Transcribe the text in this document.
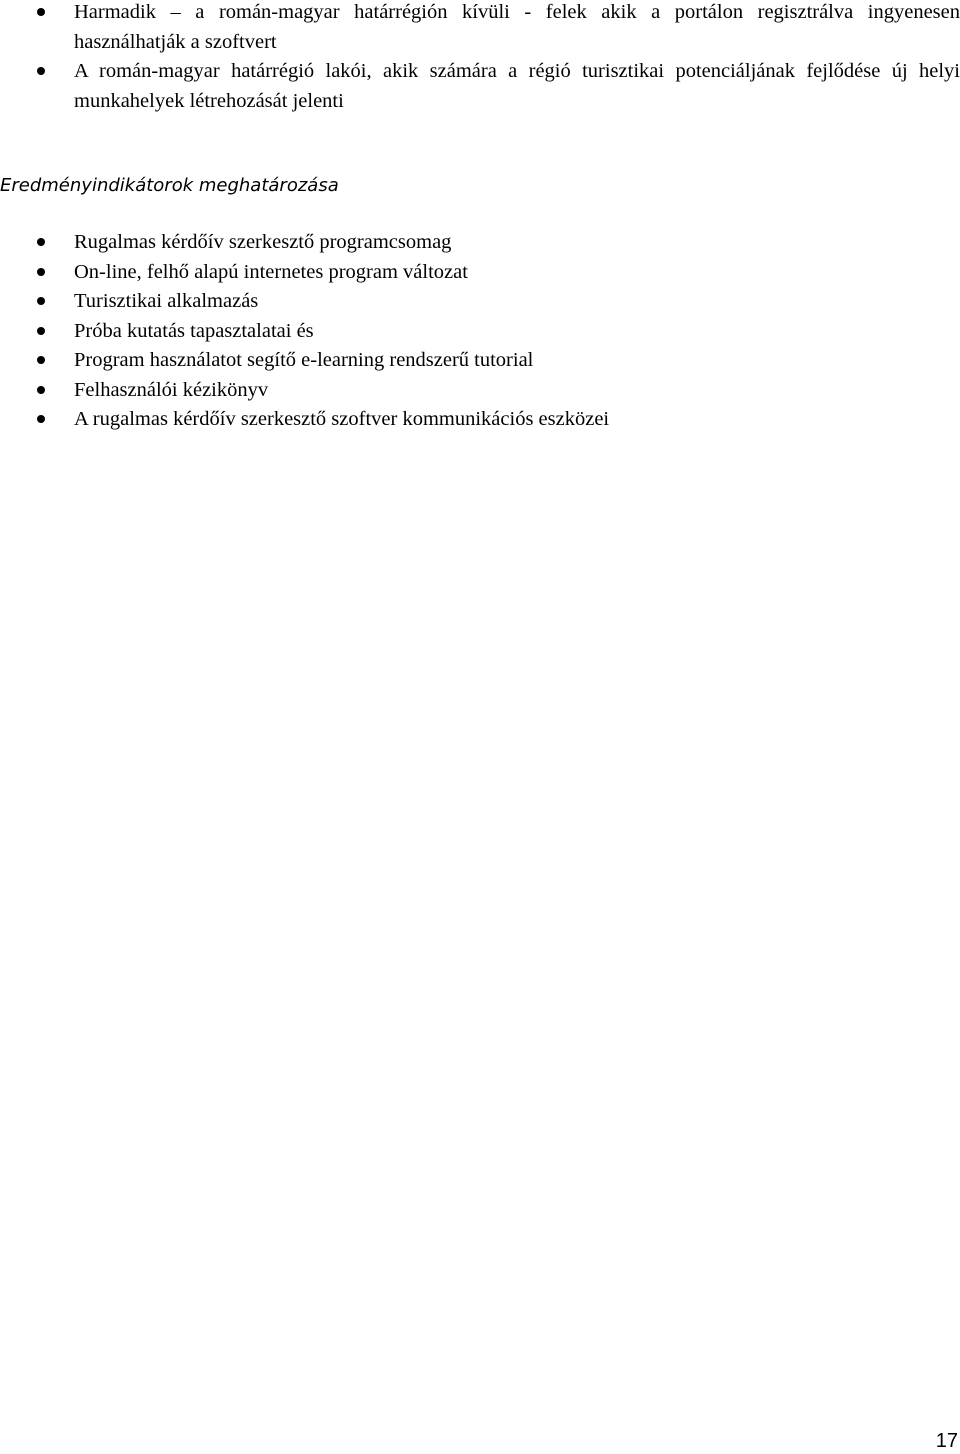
Harmadik – a román-magyar határrégión kívüli - felek akik a portálon regisztrálva ingyenesen használhatják a szoftvert
A román-magyar határrégió lakói, akik számára a régió turisztikai potenciáljának fejlődése új helyi munkahelyek létrehozását jelenti
Eredményindikátorok meghatározása
Rugalmas kérdőív szerkesztő programcsomag
On-line, felhő alapú internetes program változat
Turisztikai alkalmazás
Próba kutatás tapasztalatai és
Program használatot segítő e-learning rendszerű tutorial
Felhasználói kézikönyv
A rugalmas kérdőív szerkesztő szoftver kommunikációs eszközei
17
